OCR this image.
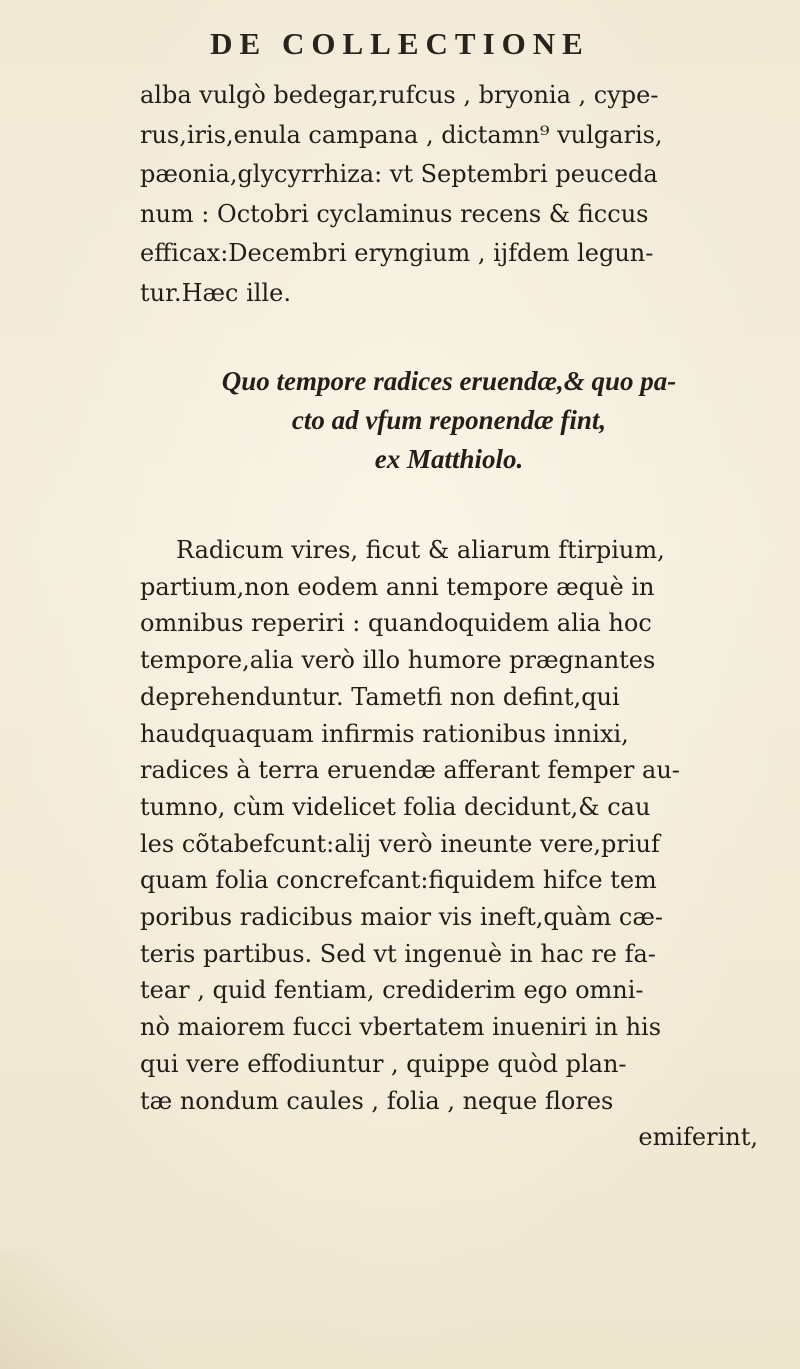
DE COLLECTIONE
alba vulgò bedegar,rufcus , bryonia , cype-
rus,iris,enula campana , dictamn⁹ vulgaris,
pæonia,glycyrrhiza: vt Septembri peuceda
num : Octobri cyclaminus recens & ficcus
efficax:Decembri eryngium , ijfdem legun-
tur.Hæc ille.
Quo tempore radices eruendæ,& quo pa-
cto ad vfum reponendæ fint,
ex Matthiolo.
Radicum vires, ficut & aliarum ftirpium,
partium,non eodem anni tempore æquè in
omnibus reperiri : quandoquidem alia hoc
tempore,alia verò illo humore prægnantes
deprehenduntur. Tametfi non defint,qui
haudquaquam infirmis rationibus innixi,
radices à terra eruendæ afferant femper au-
tumno, cùm videlicet folia decidunt,& cau
les cõtabefcunt:alij verò ineunte vere,priuf
quam folia concrefcant:fiquidem hifce tem
poribus radicibus maior vis ineft,quàm cæ-
teris partibus. Sed vt ingenuè in hac re fa-
tear , quid fentiam, crediderim ego omni-
nò maiorem fucci vbertatem inueniri in his
qui vere effodiuntur , quippe quòd plan-
tæ nondum caules , folia , neque flores
emiferint,
